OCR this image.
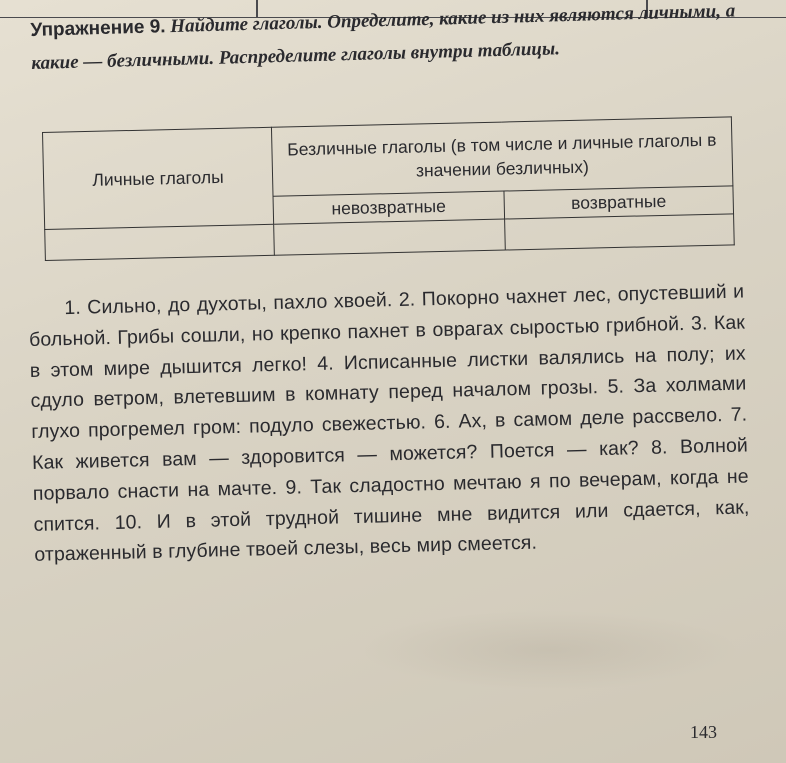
Упражнение 9. Найдите глаголы. Определите, какие из них являются личными, а какие — безличными. Распределите глаголы внутри таблицы.
Личные глаголы	Безличные глаголы (в том числе и личные глаголы в значении безличных)	
	невозвратные	возвратные

1. Сильно, до духоты, пахло хвоей. 2. Покорно чахнет лес, опустевший и больной. Грибы сошли, но крепко пахнет в оврагах сыростью грибной. 3. Как в этом мире дышится легко! 4. Исписанные листки валялись на полу; их сдуло ветром, влетевшим в комнату перед началом грозы. 5. За холмами глухо прогремел гром: подуло свежестью. 6. Ах, в самом деле рассвело. 7. Как живется вам — здоровится — можется? Поется — как? 8. Волной порвало снасти на мачте. 9. Так сладостно мечтаю я по вечерам, когда не спится. 10. И в этой трудной тишине мне видится или сдается, как, отраженный в глубине твоей слезы, весь мир смеется.

143
